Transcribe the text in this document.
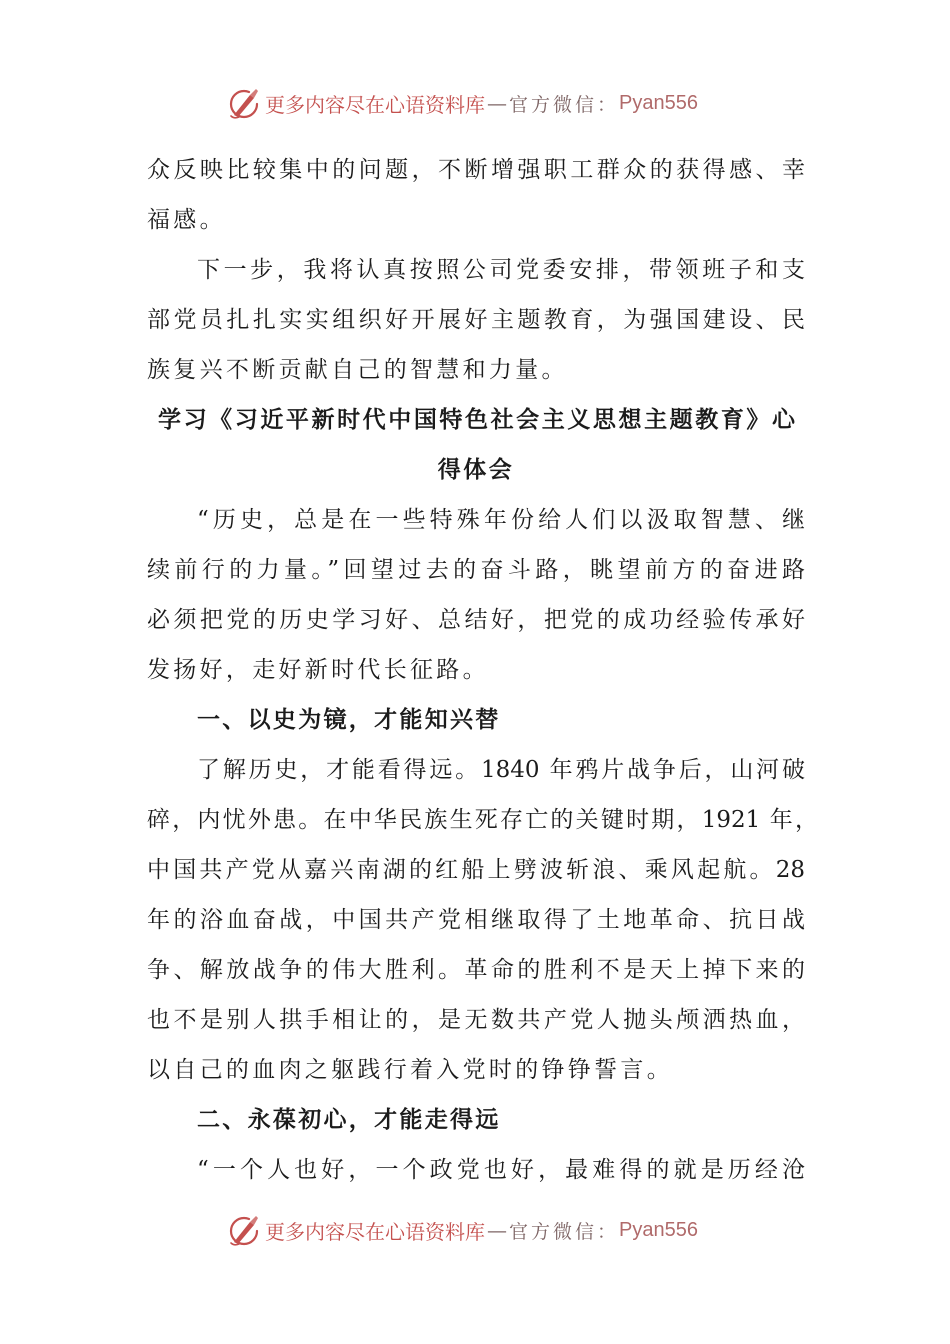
更多内容尽在心语资料库 — 官方微信： Pyan556
众反映比较集中的问题，不断增强职工群众的获得感、幸
福感。
下一步，我将认真按照公司党委安排，带领班子和支
部党员扎扎实实组织好开展好主题教育，为强国建设、民
族复兴不断贡献自己的智慧和力量。
学习《习近平新时代中国特色社会主义思想主题教育》心
得体会
“历史，总是在一些特殊年份给人们以汲取智慧、继
续前行的力量。”回望过去的奋斗路，眺望前方的奋进路
必须把党的历史学习好、总结好，把党的成功经验传承好
发扬好，走好新时代长征路。
一、以史为镜，才能知兴替
了解历史，才能看得远。1840 年鸦片战争后，山河破
碎，内忧外患。在中华民族生死存亡的关键时期，1921 年，
中国共产党从嘉兴南湖的红船上劈波斩浪、乘风起航。28
年的浴血奋战，中国共产党相继取得了土地革命、抗日战
争、解放战争的伟大胜利。革命的胜利不是天上掉下来的
也不是别人拱手相让的，是无数共产党人抛头颅洒热血，
以自己的血肉之躯践行着入党时的铮铮誓言。
二、永葆初心，才能走得远
“一个人也好，一个政党也好，最难得的就是历经沧
更多内容尽在心语资料库 — 官方微信： Pyan556
